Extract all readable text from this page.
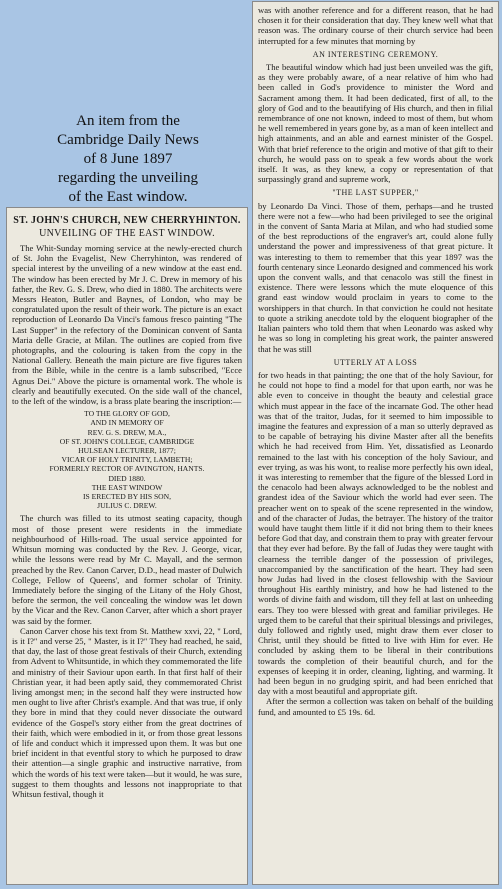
An item from the
Cambridge Daily News
of 8 June 1897
regarding the unveiling
of the East window.
ST. JOHN'S CHURCH, NEW CHERRYHINTON.
UNVEILING OF THE EAST WINDOW.

The Whit-Sunday morning service at the newly-erected church of St. John the Evagelist, New Cherryhinton, was rendered of special interest by the unveiling of a new window at the east end. The window has been erected by Mr J. C. Drew in memory of his father, the Rev. G. S. Drew, who died in 1880. The architects were Messrs Heaton, Butler and Baynes, of London, who may be congratulated upon the result of their work. The picture is an exact reproduction of Leonardo Da Vinci's famous fresco painting "The Last Supper" in the refectory of the Dominican convent of Santa Maria delle Gracie, at Milan. The outlines are copied from five photographs, and the colouring is taken from the copy in the National Gallery. Beneath the main picture are five figures taken from the Bible, while in the centre is a lamb subscribed, "Ecce Agnus Dei." Above the picture is ornamental work. The whole is clearly and beautifully executed. On the side wall of the chancel, to the left of the window, is a brass plate bearing the inscription:—

TO THE GLORY OF GOD,
AND IN MEMORY OF
REV. G. S. DREW, M.A.,
OF ST. JOHN'S COLLEGE, CAMBRIDGE
HULSEAN LECTURER, 1877;
VICAR OF HOLY TRINITY, LAMBETH;
FORMERLY RECTOR OF AVINGTON, HANTS.
DIED 1880.
THE EAST WINDOW
IS ERECTED BY HIS SON,
JULIUS C. DREW.

The church was filled to its utmost seating capacity, though most of those present were residents in the immediate neighbourhood of Hills-road. The usual service appointed for Whitsun morning was conducted by the Rev. J. George, vicar, while the lessons were read by Mr C. Mayall, and the sermon preached by the Rev. Canon Carver, D.D., head master of Dulwich College, Fellow of Queens', and former scholar of Trinity. Immediately before the singing of the Litany of the Holy Ghost, before the sermon, the veil concealing the window was let down by the Vicar and the Rev. Canon Carver, after which a short prayer was said by the former.

Canon Carver chose his text from St. Matthew xxvi, 22, " Lord, is it I?" and verse 25, " Master, is it I?" They had reached, he said, that day, the last of those great festivals of their Church, extending from Advent to Whitsuntide, in which they commemorated the life and ministry of their Saviour upon earth. In that first half of their Christian year, it had been aptly said, they commemorated Christ living amongst men; in the second half they were instructed how men ought to live after Christ's example. And that was true, if only they bore in mind that they could never dissociate the outward evidence of the Gospel's story either from the great doctrines of their faith, which were embodied in it, or from those great lessons of life and conduct which it impressed upon them. It was but one brief incident in that eventful story to which he purposed to draw their attention—a single graphic and instructive narrative, from which the words of his text were taken—but it would, he was sure, suggest to them thoughts and lessons not inappropriate to that Whitsun festival, though it

was with another reference and for a different reason, that he had chosen it for their consideration that day. They knew well what that reason was. The ordinary course of their church service had been interrupted for a few minutes that morning by

AN INTERESTING CEREMONY.

The beautiful window which had just been unveiled was the gift, as they were probably aware, of a near relative of him who had been called in God's providence to minister the Word and Sacrament among them. It had been dedicated, first of all, to the glory of God and to the beautifying of His church, and then in filial remembrance of one not known, indeed to most of them, but whom he well remembered in years gone by, as a man of keen intellect and high attainments, and an able and earnest minister of the Gospel. With that brief reference to the origin and motive of that gift to their church, he would pass on to speak a few words about the work itself. It was, as they knew, a copy or representation of that surpassingly grand and supreme work,

"THE LAST SUPPER,"

by Leonardo Da Vinci. Those of them, perhaps—and he trusted there were not a few—who had been privileged to see the original in the convent of Santa Maria at Milan, and who had studied some of the best reproductions of the engraver's art, could alone fully understand the power and impressiveness of that great picture. It was interesting to them to remember that this year 1897 was the fourth centenary since Leonardo designed and commenced his work upon the convent walls, and that cenacolo was still the finest in existence. There were lessons which the mute eloquence of this grand east window would proclaim in years to come to the worshippers in that church. In that conviction he could not hesitate to quote a striking anecdote told by the eloquent biographer of the Italian painters who told them that when Leonardo was asked why he was so long in completing his great work, the painter answered that he was still

UTTERLY AT A LOSS

for two heads in that painting; the one that of the holy Saviour, for he could not hope to find a model for that upon earth, nor was he able even to conceive in thought the beauty and celestial grace which must appear in the face of the incarnate God. The other head was that of the traitor, Judas, for it seemed to him impossible to imagine the features and expression of a man so utterly depraved as to be capable of betraying his divine Master after all the benefits which he had received from Him. Yet, dissatisfied as Leonardo remained to the last with his conception of the holy Saviour, and ever trying, as was his wont, to realise more perfectly his own ideal, it was interesting to remember that the figure of the blessed Lord in the cenacolo had been always acknowledged to be the noblest and grandest idea of the Saviour which the world had ever seen. The preacher went on to speak of the scene represented in the window, and of the character of Judas, the betrayer. The history of the traitor would have taught them little if it did not bring them to their knees before God that day, and constrain them to pray with greater fervour that they ever had before. By the fall of Judas they were taught with clearness the terrible danger of the possession of privileges, unaccompanied by the sanctification of the heart. They had seen how Judas had lived in the closest fellowship with the Saviour throughout His earthly ministry, and how he had listened to the words of divine faith and wisdom, till they fell at last on unheeding ears. They too were blessed with great and familiar privileges. He urged them to be careful that their spiritual blessings and privileges, duly followed and rightly used, might draw them ever closer to Christ, until they should be fitted to live with Him for ever. He concluded by asking them to be liberal in their contributions towards the completion of their beautiful church, and for the expenses of keeping it in order, cleaning, lighting, and warming. It had been begun in no grudging spirit, and had been enriched that day with a most beautiful and appropriate gift.

After the sermon a collection was taken on behalf of the building fund, and amounted to £5 19s. 6d.
